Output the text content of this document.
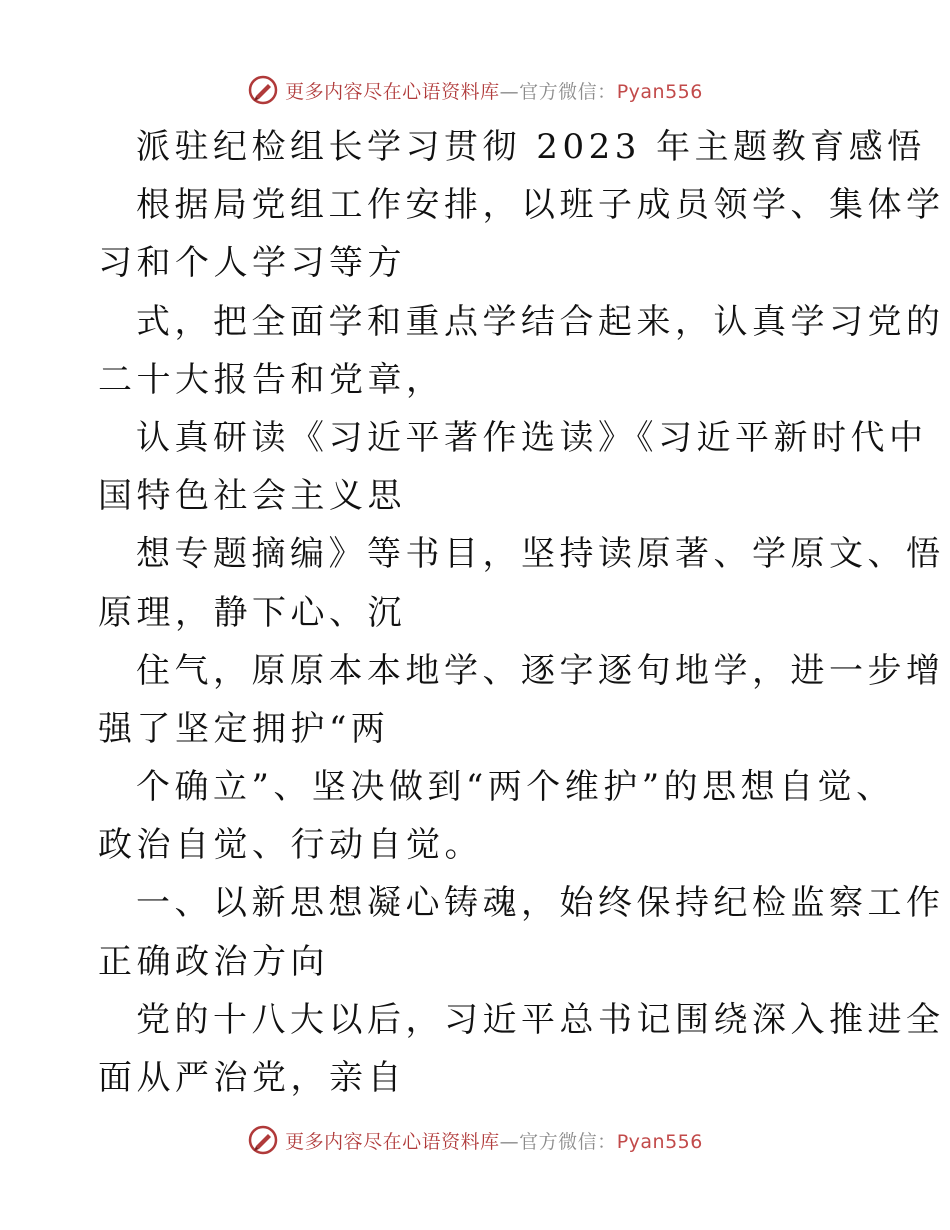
更多内容尽在心语资料库—官方微信：Pyan556
派驻纪检组长学习贯彻 2023 年主题教育感悟
根据局党组工作安排，以班子成员领学、集体学
习和个人学习等方
式，把全面学和重点学结合起来，认真学习党的
二十大报告和党章，
认真研读《习近平著作选读》《习近平新时代中
国特色社会主义思
想专题摘编》等书目，坚持读原著、学原文、悟
原理，静下心、沉
住气，原原本本地学、逐字逐句地学，进一步增
强了坚定拥护“两
个确立”、坚决做到“两个维护”的思想自觉、
政治自觉、行动自觉。
一、以新思想凝心铸魂，始终保持纪检监察工作
正确政治方向
党的十八大以后，习近平总书记围绕深入推进全
面从严治党，亲自
更多内容尽在心语资料库—官方微信：Pyan556
